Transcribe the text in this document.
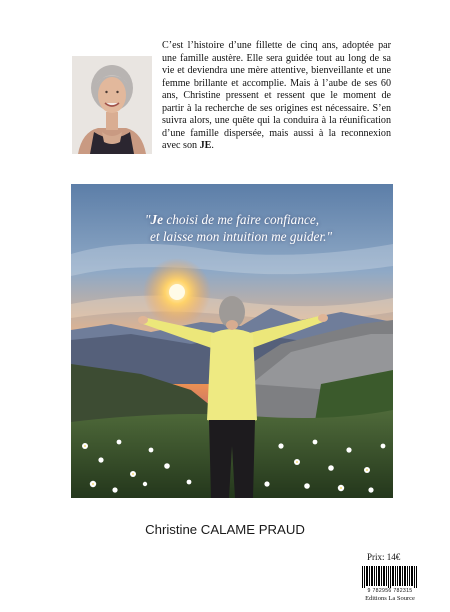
C’est l’histoire d’une fillette de cinq ans, adoptée par une famille austère. Elle sera guidée tout au long de sa vie et deviendra une mère attentive, bienveillante et une femme brillante et accomplie. Mais à l’aube de ses 60 ans, Christine pressent et ressent que le moment de partir à la recherche de ses origines est nécessaire. S’en suivra alors, une quête qui la conduira à la réunification d’une famille dispersée, mais aussi à la reconnexion avec son JE.

"Je choisi de me faire confiance,
et laisse mon intuition me guider."
Christine CALAME PRAUD
Prix: 14€
9 782956 782315
Editions La Source
